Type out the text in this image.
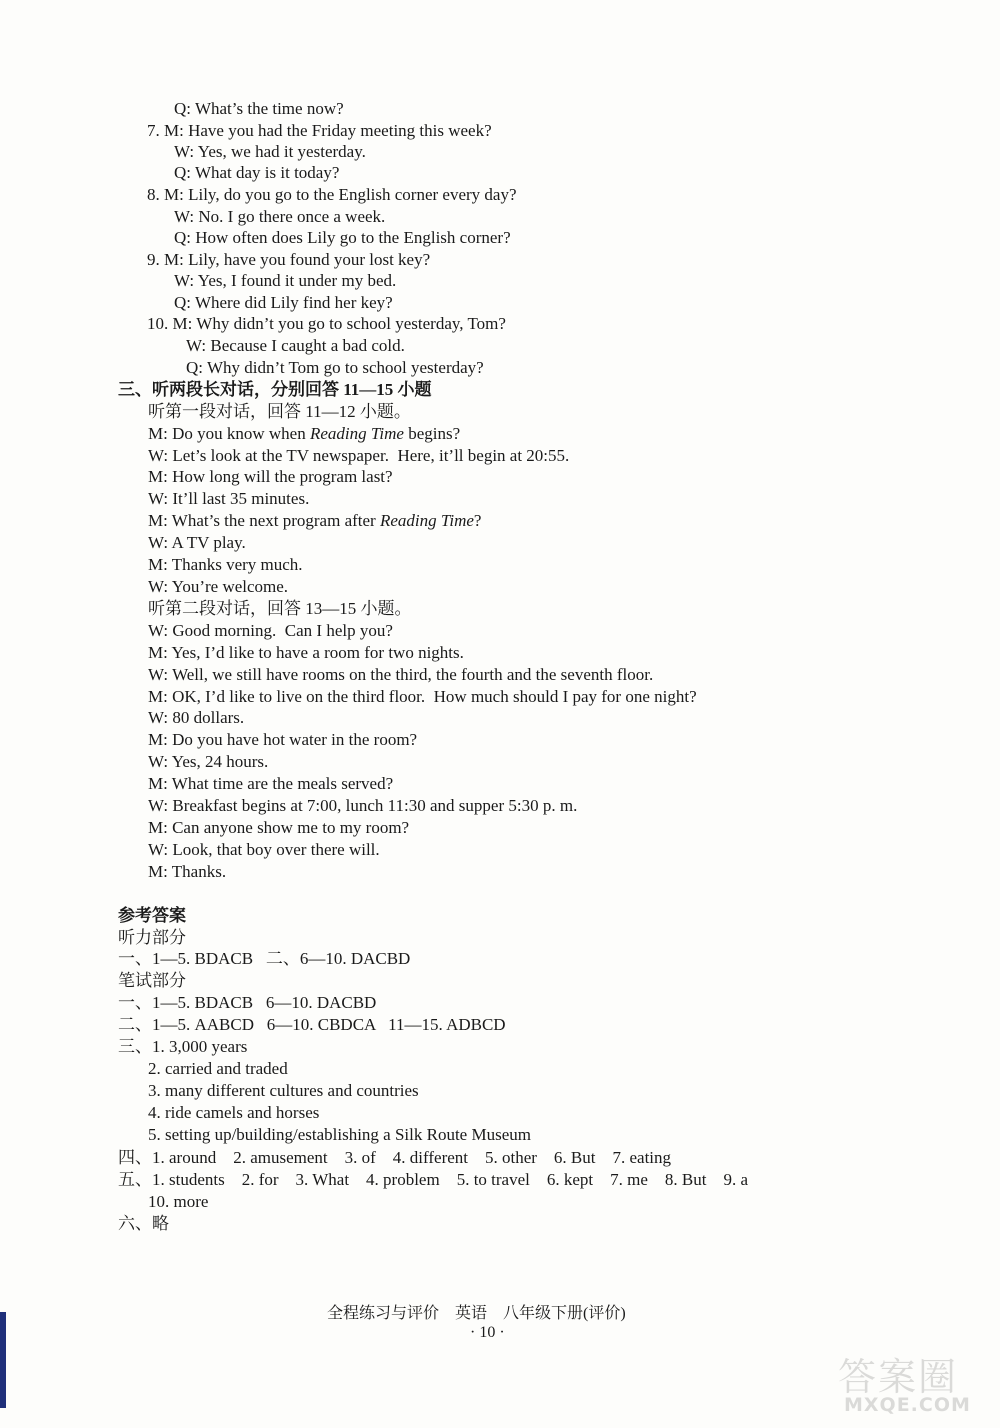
Q: What’s the time now?
7. M: Have you had the Friday meeting this week?
W: Yes, we had it yesterday.
Q: What day is it today?
8. M: Lily, do you go to the English corner every day?
W: No. I go there once a week.
Q: How often does Lily go to the English corner?
9. M: Lily, have you found your lost key?
W: Yes, I found it under my bed.
Q: Where did Lily find her key?
10. M: Why didn’t you go to school yesterday, Tom?
W: Because I caught a bad cold.
Q: Why didn’t Tom go to school yesterday?
三、听两段长对话，分别回答 11—15 小题
听第一段对话，回答 11—12 小题。
M: Do you know when Reading Time begins?
W: Let’s look at the TV newspaper.  Here, it’ll begin at 20:55.
M: How long will the program last?
W: It’ll last 35 minutes.
M: What’s the next program after Reading Time?
W: A TV play.
M: Thanks very much.
W: You’re welcome.
听第二段对话，回答 13—15 小题。
W: Good morning.  Can I help you?
M: Yes, I’d like to have a room for two nights.
W: Well, we still have rooms on the third, the fourth and the seventh floor.
M: OK, I’d like to live on the third floor.  How much should I pay for one night?
W: 80 dollars.
M: Do you have hot water in the room?
W: Yes, 24 hours.
M: What time are the meals served?
W: Breakfast begins at 7:00, lunch 11:30 and supper 5:30 p. m.
M: Can anyone show me to my room?
W: Look, that boy over there will.
M: Thanks.
参考答案
听力部分
一、1—5. BDACB   二、6—10. DACBD
笔试部分
一、1—5. BDACB   6—10. DACBD
二、1—5. AABCD   6—10. CBDCA   11—15. ADBCD
三、1. 3,000 years
2. carried and traded
3. many different cultures and countries
4. ride camels and horses
5. setting up/building/establishing a Silk Route Museum
四、1. around    2. amusement    3. of    4. different    5. other    6. But    7. eating
五、1. students    2. for    3. What    4. problem    5. to travel    6. kept    7. me    8. But    9. a
10. more
六、略
全程练习与评价    英语    八年级下册(评价)
· 10 ·
答案圈
MXQE.COM
